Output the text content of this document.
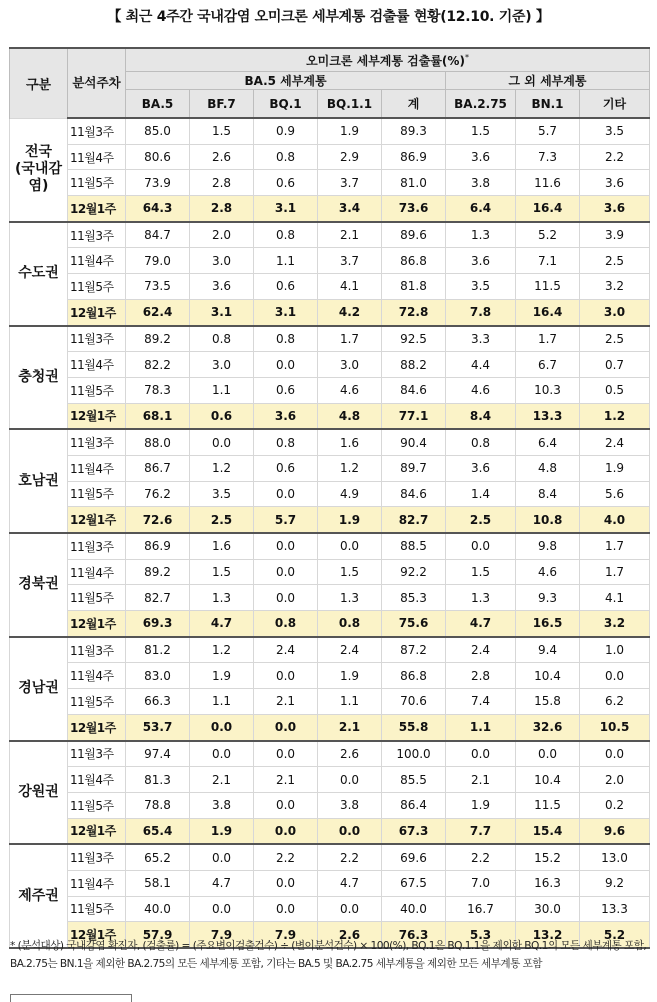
【 최근 4주간 국내감염 오미크론 세부계통 검출률 현황(12.10. 기준) 】
구분	분석주차	오미크론 세부계통 검출률(%)*
		BA.5 세부계통					그 외 세부계통		
		BA.5	BF.7	BQ.1	BQ.1.1	계	BA.2.75	BN.1	기타
전국
(국내감염)	11월3주	85.0	1.5	0.9	1.9	89.3	1.5	5.7	3.5
	11월4주	80.6	2.6	0.8	2.9	86.9	3.6	7.3	2.2
	11월5주	73.9	2.8	0.6	3.7	81.0	3.8	11.6	3.6
	12월1주	64.3	2.8	3.1	3.4	73.6	6.4	16.4	3.6
수도권	11월3주	84.7	2.0	0.8	2.1	89.6	1.3	5.2	3.9
	11월4주	79.0	3.0	1.1	3.7	86.8	3.6	7.1	2.5
	11월5주	73.5	3.6	0.6	4.1	81.8	3.5	11.5	3.2
	12월1주	62.4	3.1	3.1	4.2	72.8	7.8	16.4	3.0
충청권	11월3주	89.2	0.8	0.8	1.7	92.5	3.3	1.7	2.5
	11월4주	82.2	3.0	0.0	3.0	88.2	4.4	6.7	0.7
	11월5주	78.3	1.1	0.6	4.6	84.6	4.6	10.3	0.5
	12월1주	68.1	0.6	3.6	4.8	77.1	8.4	13.3	1.2
호남권	11월3주	88.0	0.0	0.8	1.6	90.4	0.8	6.4	2.4
	11월4주	86.7	1.2	0.6	1.2	89.7	3.6	4.8	1.9
	11월5주	76.2	3.5	0.0	4.9	84.6	1.4	8.4	5.6
	12월1주	72.6	2.5	5.7	1.9	82.7	2.5	10.8	4.0
경북권	11월3주	86.9	1.6	0.0	0.0	88.5	0.0	9.8	1.7
	11월4주	89.2	1.5	0.0	1.5	92.2	1.5	4.6	1.7
	11월5주	82.7	1.3	0.0	1.3	85.3	1.3	9.3	4.1
	12월1주	69.3	4.7	0.8	0.8	75.6	4.7	16.5	3.2
경남권	11월3주	81.2	1.2	2.4	2.4	87.2	2.4	9.4	1.0
	11월4주	83.0	1.9	0.0	1.9	86.8	2.8	10.4	0.0
	11월5주	66.3	1.1	2.1	1.1	70.6	7.4	15.8	6.2
	12월1주	53.7	0.0	0.0	2.1	55.8	1.1	32.6	10.5
강원권	11월3주	97.4	0.0	0.0	2.6	100.0	0.0	0.0	0.0
	11월4주	81.3	2.1	2.1	0.0	85.5	2.1	10.4	2.0
	11월5주	78.8	3.8	0.0	3.8	86.4	1.9	11.5	0.2
	12월1주	65.4	1.9	0.0	0.0	67.3	7.7	15.4	9.6
제주권	11월3주	65.2	0.0	2.2	2.2	69.6	2.2	15.2	13.0
	11월4주	58.1	4.7	0.0	4.7	67.5	7.0	16.3	9.2
	11월5주	40.0	0.0	0.0	0.0	40.0	16.7	30.0	13.3
	12월1주	57.9	7.9	7.9	2.6	76.3	5.3	13.2	5.2
* (분석대상) 국내감염 확진자, (검출률) = (주요변이검출건수) ÷ (변이분석건수) × 100(%), BQ.1은 BQ.1.1을 제외한 BQ.1의 모든 세부계통 포함, BA.2.75는 BN.1을 제외한 BA.2.75의 모든 세부계통 포함, 기타는 BA.5 및 BA.2.75 세부계통을 제외한 모든 세부계통 포함
